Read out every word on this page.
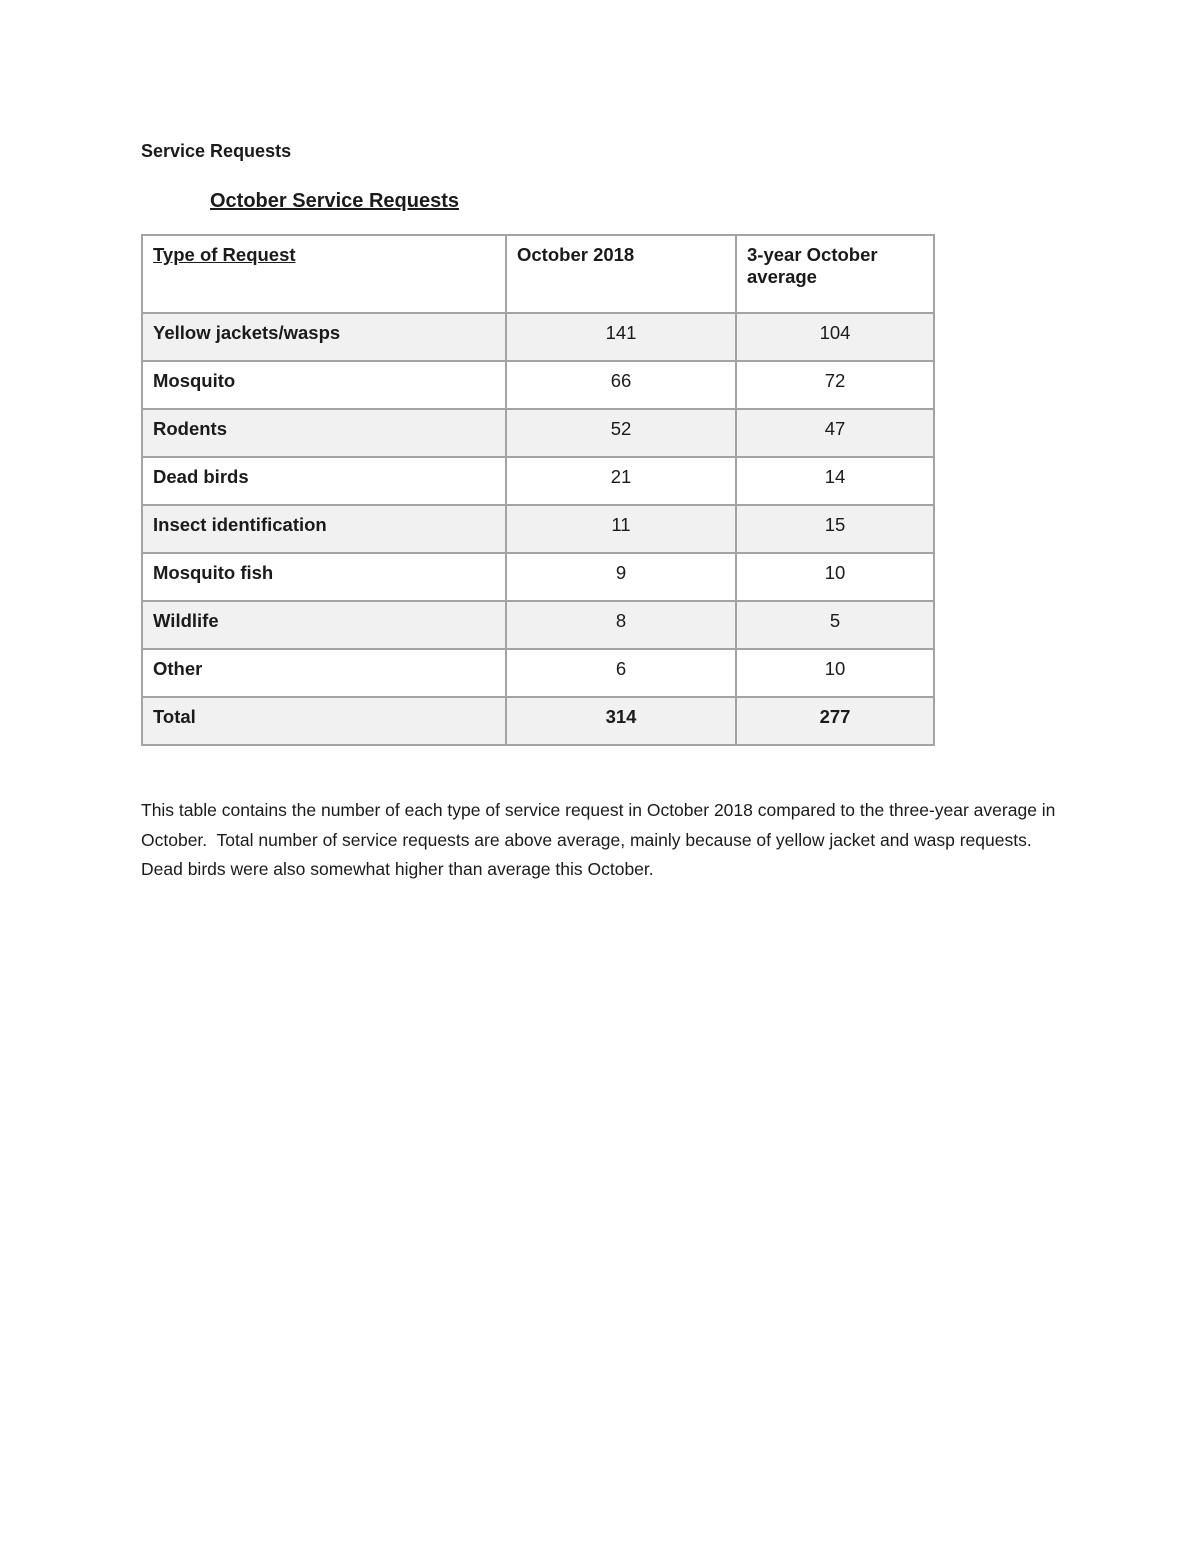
Service Requests
October Service Requests
Type of Request	October 2018	3-year October average
Yellow jackets/wasps	141	104
Mosquito	66	72
Rodents	52	47
Dead birds	21	14
Insect identification	11	15
Mosquito fish	9	10
Wildlife	8	5
Other	6	10
Total	314	277

This table contains the number of each type of service request in October 2018 compared to the three-year average in October.  Total number of service requests are above average, mainly because of yellow jacket and wasp requests. Dead birds were also somewhat higher than average this October.
